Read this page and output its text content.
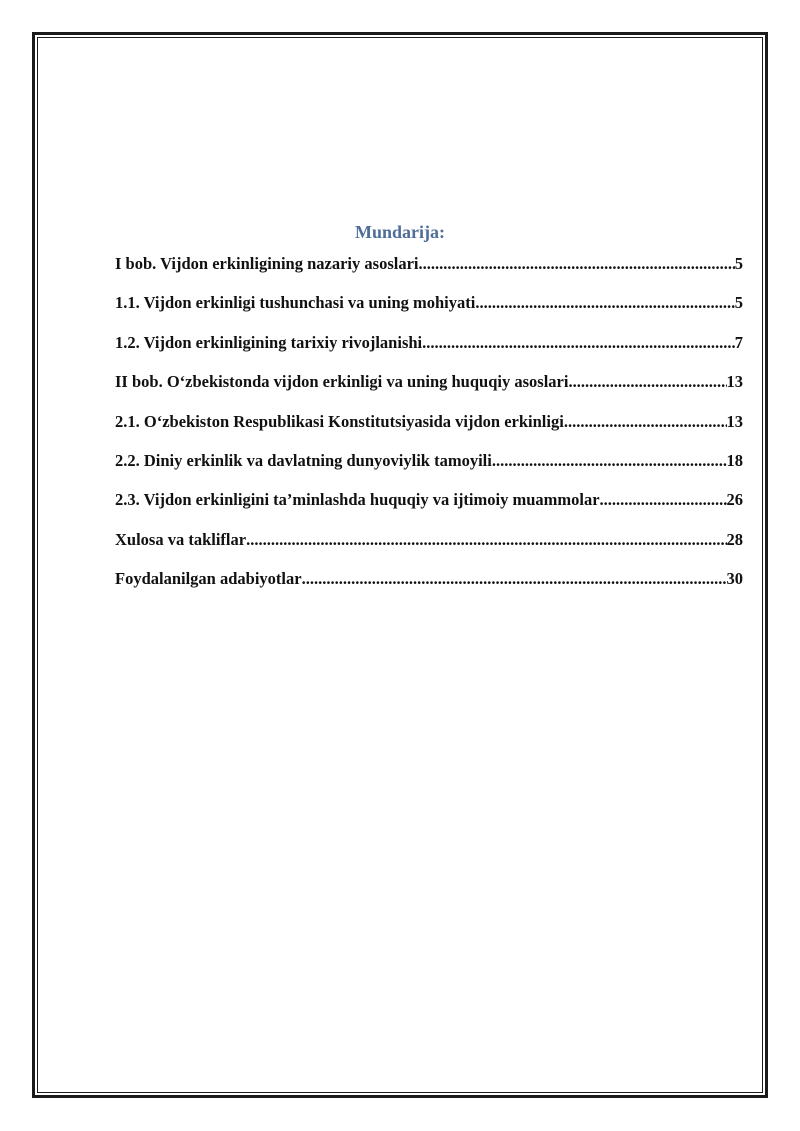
Mundarija:
I bob. Vijdon erkinligining nazariy asoslari .....	5
1.1. Vijdon erkinligi tushunchasi va uning mohiyati .....	5
1.2. Vijdon erkinligining tarixiy rivojlanishi .....	7
II bob. O‘zbekistonda vijdon erkinligi va uning huquqiy asoslari .....	13
2.1. O‘zbekiston Respublikasi Konstitutsiyasida vijdon erkinligi .....	13
2.2. Diniy erkinlik va davlatning dunyoviylik tamoyili .....	18
2.3. Vijdon erkinligini ta’minlashda huquqiy va ijtimoiy muammolar .....	26
Xulosa va takliflar .....	28
Foydalanilgan adabiyotlar .....	30
